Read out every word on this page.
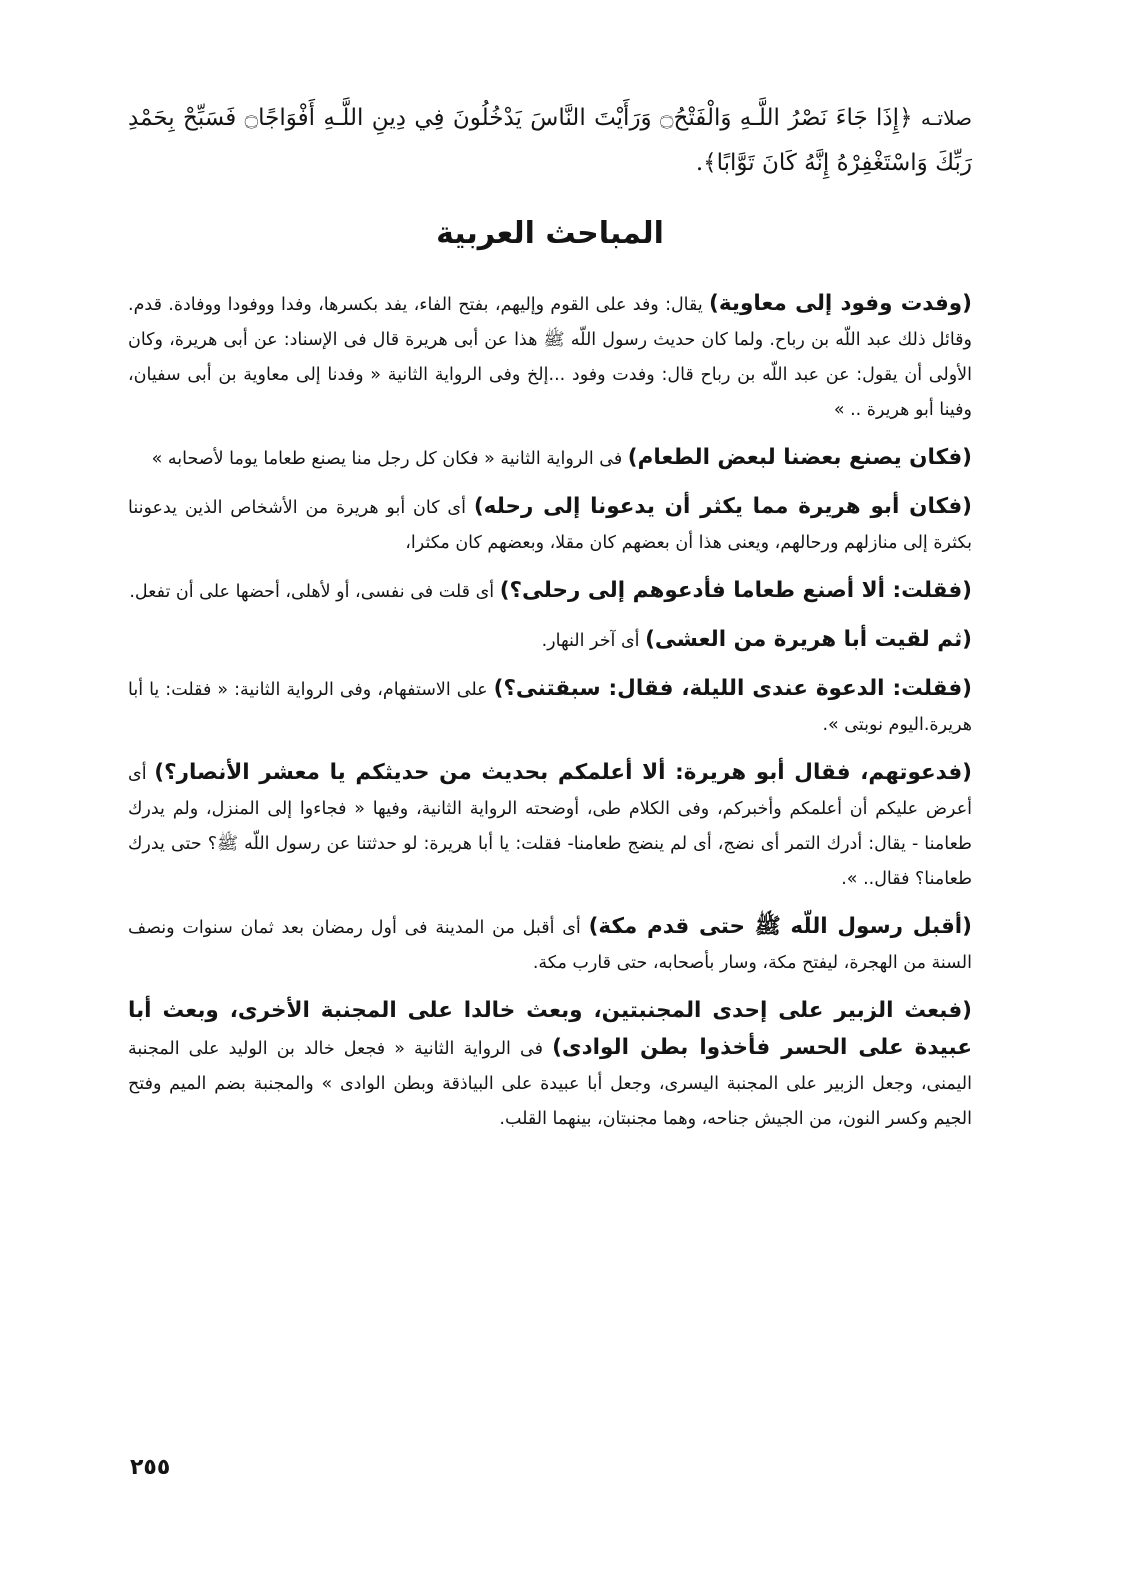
صلاتـه ﴿إِذَا جَاءَ نَصْرُ اللَّـهِ وَالْفَتْحُ۝ وَرَأَيْتَ النَّاسَ يَدْخُلُونَ فِي دِينِ اللَّـهِ أَفْوَاجًا۝ فَسَبِّحْ بِحَمْدِ رَبِّكَ وَاسْتَغْفِرْهُ إِنَّهُ كَانَ تَوَّابًا﴾.

المباحث العربية

(وفدت وفود إلى معاوية) يقال: وفد على القوم وإليهم، بفتح الفاء، يفد بكسرها، وفدا ووفودا ووفادة. قدم. وقائل ذلك عبد اللّه بن رباح. ولما كان حديث رسول اللّه ﷺ هذا عن أبى هريرة قال فى الإسناد: عن أبى هريرة، وكان الأولى أن يقول: عن عبد اللّه بن رباح قال: وفدت وفود ...إلخ وفى الرواية الثانية « وفدنا إلى معاوية بن أبى سفيان، وفينا أبو هريرة .. »

(فكان يصنع بعضنا لبعض الطعام) فى الرواية الثانية « فكان كل رجل منا يصنع طعاما يوما لأصحابه »

(فكان أبو هريرة مما يكثر أن يدعونا إلى رحله) أى كان أبو هريرة من الأشخاص الذين يدعوننا بكثرة إلى منازلهم ورحالهم، ويعنى هذا أن بعضهم كان مقلا، وبعضهم كان مكثرا،

(فقلت: ألا أصنع طعاما فأدعوهم إلى رحلى؟) أى قلت فى نفسى، أو لأهلى، أحضها على أن تفعل.

(ثم لقيت أبا هريرة من العشى) أى آخر النهار.

(فقلت: الدعوة عندى الليلة، فقال: سبقتنى؟) على الاستفهام، وفى الرواية الثانية: « فقلت: يا أبا هريرة.اليوم نوبتى ».

(فدعوتهم، فقال أبو هريرة: ألا أعلمكم بحديث من حديثكم يا معشر الأنصار؟) أى أعرض عليكم أن أعلمكم وأخبركم، وفى الكلام طى، أوضحته الرواية الثانية، وفيها « فجاءوا إلى المنزل، ولم يدرك طعامنا - يقال: أدرك التمر أى نضج، أى لم ينضج طعامنا- فقلت: يا أبا هريرة: لو حدثتنا عن رسول اللّه ﷺ؟ حتى يدرك طعامنا؟ فقال.. ».

(أقبل رسول اللّه ﷺ حتى قدم مكة) أى أقبل من المدينة فى أول رمضان بعد ثمان سنوات ونصف السنة من الهجرة، ليفتح مكة، وسار بأصحابه، حتى قارب مكة.

(فبعث الزبير على إحدى المجنبتين، وبعث خالدا على المجنبة الأخرى، وبعث أبا عبيدة على الحسر فأخذوا بطن الوادى) فى الرواية الثانية « فجعل خالد بن الوليد على المجنبة اليمنى، وجعل الزبير على المجنبة اليسرى، وجعل أبا عبيدة على البياذقة وبطن الوادى » والمجنبة بضم الميم وفتح الجيم وكسر النون، من الجيش جناحه، وهما مجنبتان، بينهما القلب.

٢٥٥
